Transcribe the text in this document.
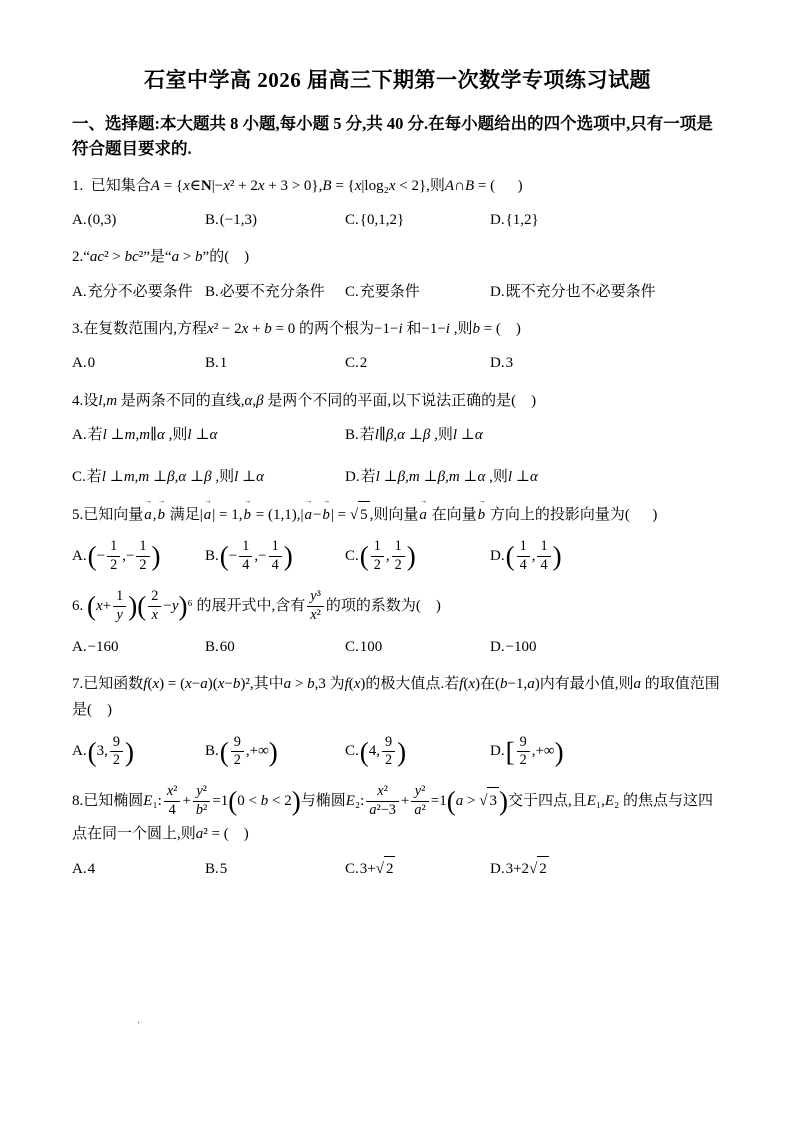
石室中学高 2026 届高三下期第一次数学专项练习试题
一、选择题:本大题共 8 小题,每小题 5 分,共 40 分.在每小题给出的四个选项中,只有一项是符合题目要求的.
1.  已知集合A = {x∈N|−x² + 2x + 3 > 0},B = {x|log₂x < 2},则A∩B = (      )
A.(0,3)	B.(−1,3)	C.{0,1,2}	D.{1,2}
2.“ac² > bc²”是“a > b”的(    )
A.充分不必要条件 B.必要不充分条件	C.充要条件	D.既不充分也不必要条件
3.在复数范围内,方程x² − 2x + b = 0 的两个根为−1−i 和−1−i ,则b = (    )
A.0	B.1	C.2	D.3
4.设l,m 是两条不同的直线,α,β 是两个不同的平面,以下说法正确的是(    )
A.若l ⊥m,m∥α ,则l ⊥α	B.若l∥β,α ⊥β ,则l ⊥α
C.若l ⊥m,m ⊥β,α ⊥β ,则l ⊥α	D.若l ⊥β,m ⊥β,m ⊥α ,则l ⊥α
5.已知向量
→
a,
→
b 满足|
→
a| = 1,
→
b = (1,1),|
→
a−
→
b| = √ 5 ,则向量
→
a 在向量
→
b 方向上的投影向量为(      )
$A.(- \frac{1}{2}$ ,− $\frac{1}{2}$ )	$B.(- \frac{1}{4}$ ,− $\frac{1}{4}$ )	$C.( \frac{1}{2}$ , $\frac{1}{2}$ )	$D.( \frac{1}{4}$ , $\frac{1}{4}$ )
6. ($x+ \frac{1}{y}$ )( $\frac{2}{x} -y)^6$ 的展开式中,含有 $\frac{\text{y³}}{\text{x²}}$ 的项的系数为(    )
A.−160	B.60	C.100	D.−100
7.已知函数f(x) = (x−a)(x−b)²,其中a > b,3 为f(x)的极大值点.若f(x)在(b−1,a)内有最小值,则a 的取值范围是(    )
A.(3, $\frac{9}{2}$ )	$B.( \frac{9}{2}$ ,+∞)	C.(4, $\frac{9}{2}$ )	$D.[ \frac{9}{2}$ ,+∞)
8.已知椭圆E₁: $\frac{\text{x²}}{4} + \frac{\text{y²}}{\text{b²}} =1(0 < b < 2)$与椭圆E₂: $\frac{\text{x²}}{\text{a²−3}} + \frac{\text{y²}}{\text{a²}} =1(a$ > √ 3)交于四点,且E₁,E₂ 的焦点与这四点在同一个圆上,则a² = (    )
A.4	B.5	C.3+√ 2	D.3+2√ 2
'
